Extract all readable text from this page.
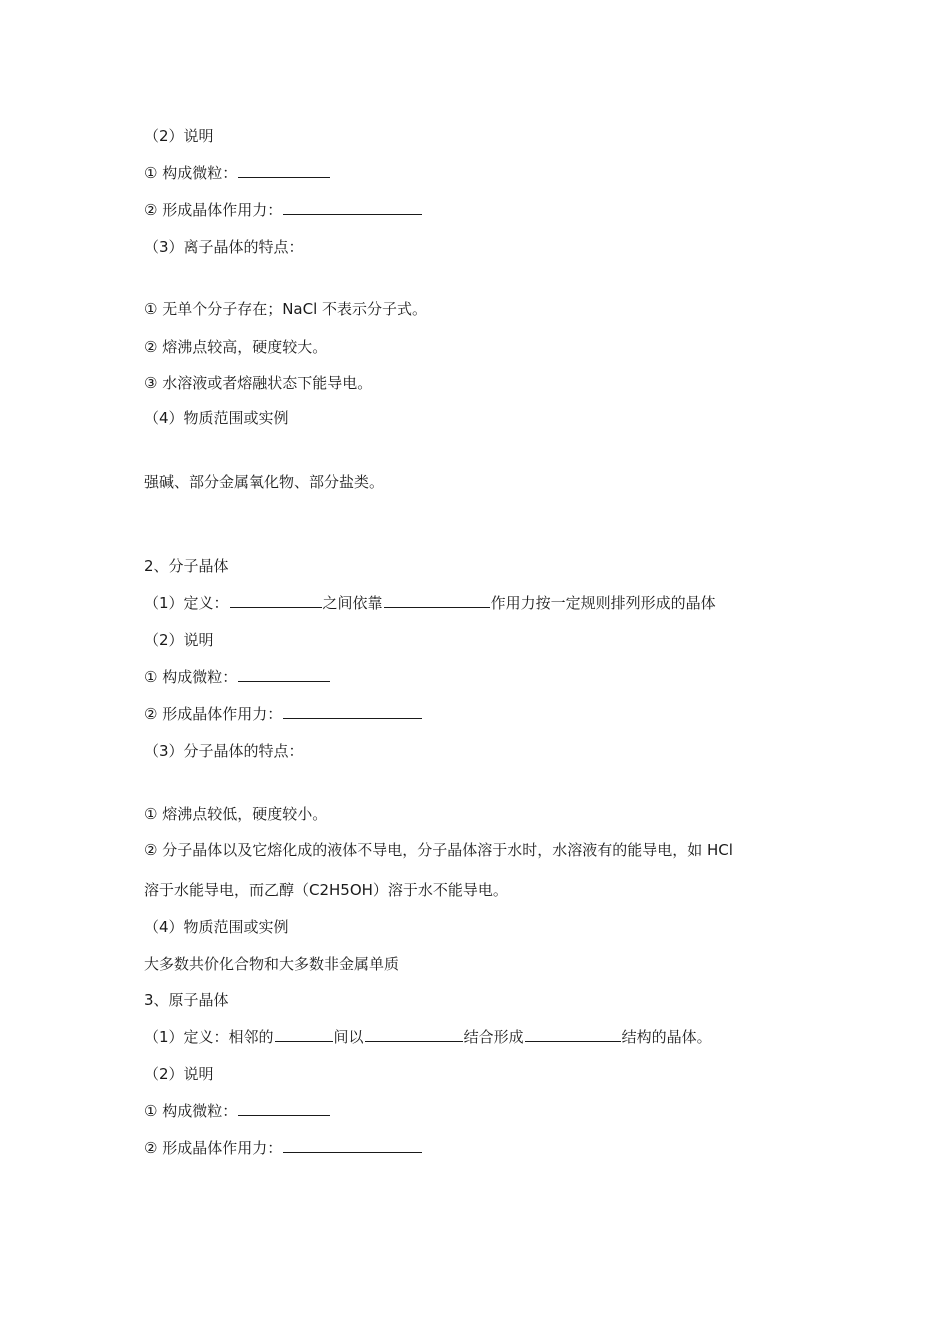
（2）说明
① 构成微粒：
② 形成晶体作用力：
（3）离子晶体的特点：
① 无单个分子存在；NaCl 不表示分子式。
② 熔沸点较高，硬度较大。
③ 水溶液或者熔融状态下能导电。
（4）物质范围或实例
强碱、部分金属氧化物、部分盐类。
2、分子晶体
（1）定义：	之间依靠	作用力按一定规则排列形成的晶体
（2）说明
① 构成微粒：
② 形成晶体作用力：
（3）分子晶体的特点：
① 熔沸点较低，硬度较小。
② 分子晶体以及它熔化成的液体不导电，分子晶体溶于水时，水溶液有的能导电，如 HCl
溶于水能导电，而乙醇（C2H5OH）溶于水不能导电。
（4）物质范围或实例
大多数共价化合物和大多数非金属单质
3、原子晶体
（1）定义：相邻的	间以	结合形成	结构的晶体。
（2）说明
① 构成微粒：
② 形成晶体作用力：
